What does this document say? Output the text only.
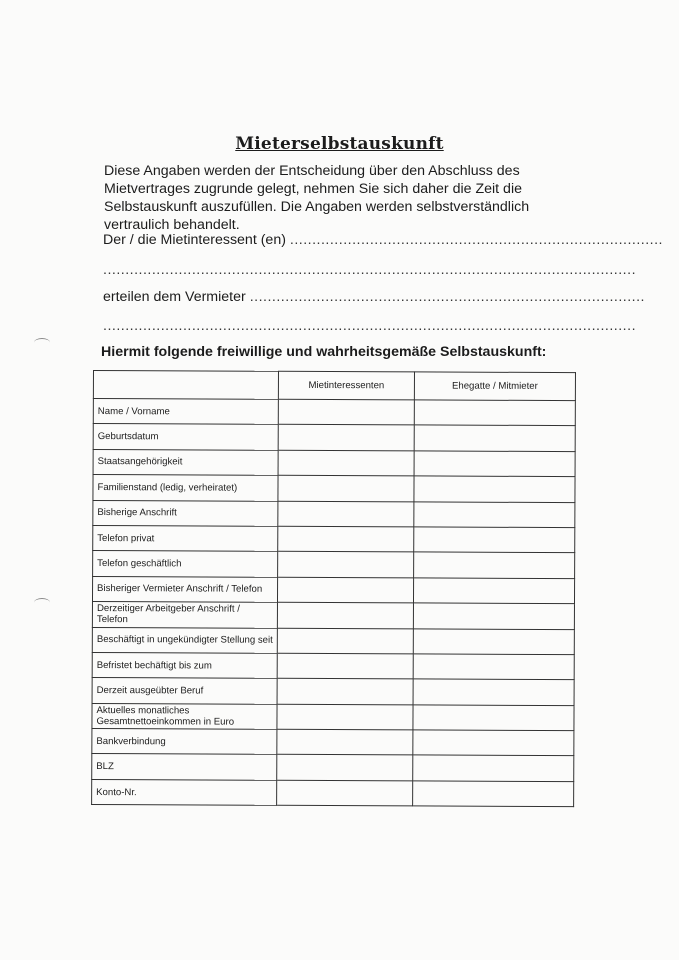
Mieterselbstauskunft
Diese Angaben werden der Entscheidung über den Abschluss des Mietvertrages zugrunde gelegt, nehmen Sie sich daher die Zeit die Selbstauskunft auszufüllen. Die Angaben werden selbstverständlich vertraulich behandelt.
Der / die Mietinteressent (en) ....................................................................................
........................................................................................................................
erteilen dem Vermieter .........................................................................................
........................................................................................................................
Hiermit folgende freiwillige und wahrheitsgemäße Selbstauskunft:
	Mietinteressenten	Ehegatte / Mitmieter
Name / Vorname		
Geburtsdatum		
Staatsangehörigkeit		
Familienstand (ledig, verheiratet)		
Bisherige Anschrift		
Telefon privat		
Telefon geschäftlich		
Bisheriger Vermieter Anschrift / Telefon		
Derzeitiger Arbeitgeber Anschrift / Telefon		
Beschäftigt in ungekündigter Stellung seit		
Befristet bechäftigt bis zum		
Derzeit ausgeübter Beruf		
Aktuelles monatliches Gesamtnettoeinkommen in Euro		
Bankverbindung		
BLZ		
Konto-Nr.		
